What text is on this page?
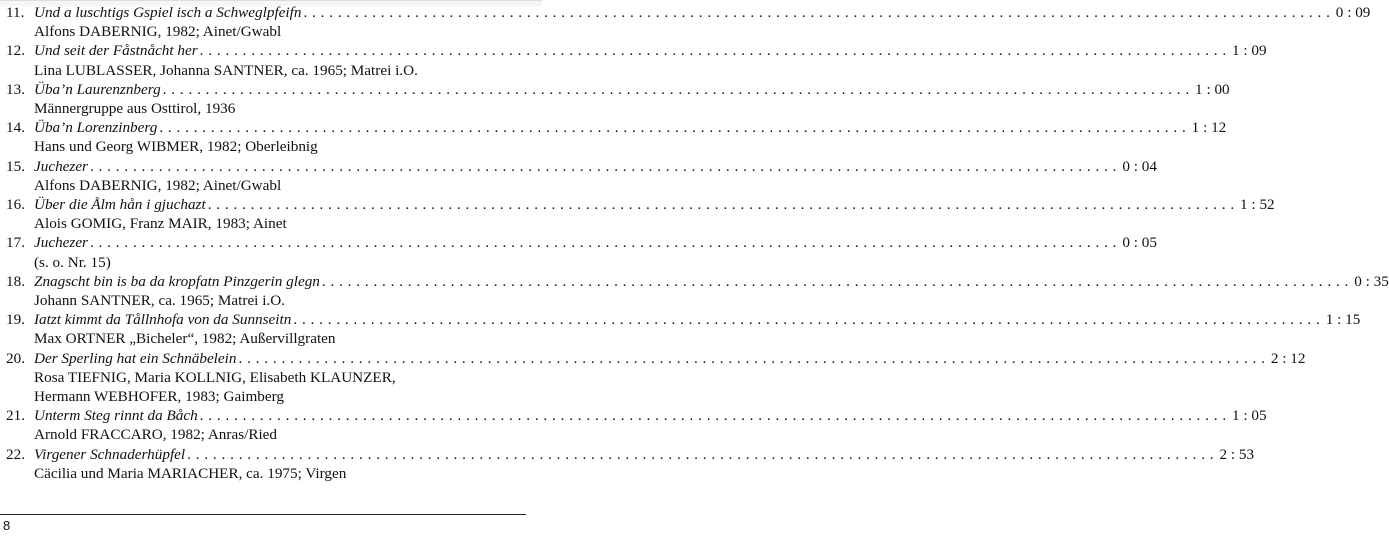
11. Und a luschtigs Gspiel isch a Schweglpfeifn . . . . . . . . . . . . . . . . . . . . . . . . . . . . . . . . . . . . . . . . . . . . . . . . . . . . . . . . . . . . . . . . . . . . . . . . . . . . . . . . . . . . . . . . . . . . . . . . . . . . . . . . . . . . . . . . . . . . . . . . 0 : 09
Alfons DABERNIG, 1982; Ainet/Gwabl
12. Und seit der Fåstnåcht her . . . . . . . . . . . . . . . . . . . . . . . . . . . . . . . . . . . . . . . . . . . . . . . . . . . . . . . . . . . . . . . . . . . . . . . . . . . . . . . . . . . . . . . . . . . . . . . . . . . . . . . . . . . . . . . . . . . . . . . . 1 : 09
Lina LUBLASSER, Johanna SANTNER, ca. 1965; Matrei i.O.
13. Üba’n Laurenznberg . . . . . . . . . . . . . . . . . . . . . . . . . . . . . . . . . . . . . . . . . . . . . . . . . . . . . . . . . . . . . . . . . . . . . . . . . . . . . . . . . . . . . . . . . . . . . . . . . . . . . . . . . . . . . . . . . . . . . . . . 1 : 00
Männergruppe aus Osttirol, 1936
14. Üba’n Lorenzinberg . . . . . . . . . . . . . . . . . . . . . . . . . . . . . . . . . . . . . . . . . . . . . . . . . . . . . . . . . . . . . . . . . . . . . . . . . . . . . . . . . . . . . . . . . . . . . . . . . . . . . . . . . . . . . . . . . . . . . . . . 1 : 12
Hans und Georg WIBMER, 1982; Oberleibnig
15. Juchezer . . . . . . . . . . . . . . . . . . . . . . . . . . . . . . . . . . . . . . . . . . . . . . . . . . . . . . . . . . . . . . . . . . . . . . . . . . . . . . . . . . . . . . . . . . . . . . . . . . . . . . . . . . . . . . . . . . . . . . . . 0 : 04
Alfons DABERNIG, 1982; Ainet/Gwabl
16. Über die Ålm hån i gjuchazt . . . . . . . . . . . . . . . . . . . . . . . . . . . . . . . . . . . . . . . . . . . . . . . . . . . . . . . . . . . . . . . . . . . . . . . . . . . . . . . . . . . . . . . . . . . . . . . . . . . . . . . . . . . . . . . . . . . . . . . . 1 : 52
Alois GOMIG, Franz MAIR, 1983; Ainet
17. Juchezer . . . . . . . . . . . . . . . . . . . . . . . . . . . . . . . . . . . . . . . . . . . . . . . . . . . . . . . . . . . . . . . . . . . . . . . . . . . . . . . . . . . . . . . . . . . . . . . . . . . . . . . . . . . . . . . . . . . . . . . . 0 : 05
(s. o. Nr. 15)
18. Znagscht bin is ba da kropfatn Pinzgerin glegn . . . . . . . . . . . . . . . . . . . . . . . . . . . . . . . . . . . . . . . . . . . . . . . . . . . . . . . . . . . . . . . . . . . . . . . . . . . . . . . . . . . . . . . . . . . . . . . . . . . . . . . . . . . . . . . . . . . . . . . . 0 : 35
Johann SANTNER, ca. 1965; Matrei i.O.
19. Iatzt kimmt da Tållnhofa von da Sunnseitn . . . . . . . . . . . . . . . . . . . . . . . . . . . . . . . . . . . . . . . . . . . . . . . . . . . . . . . . . . . . . . . . . . . . . . . . . . . . . . . . . . . . . . . . . . . . . . . . . . . . . . . . . . . . . . . . . . . . . . . . 1 : 15
Max ORTNER „Bicheler“, 1982; Außervillgraten
20. Der Sperling hat ein Schnäbelein . . . . . . . . . . . . . . . . . . . . . . . . . . . . . . . . . . . . . . . . . . . . . . . . . . . . . . . . . . . . . . . . . . . . . . . . . . . . . . . . . . . . . . . . . . . . . . . . . . . . . . . . . . . . . . . . . . . . . . . . 2 : 12
Rosa TIEFNIG, Maria KOLLNIG, Elisabeth KLAUNZER,
Hermann WEBHOFER, 1983; Gaimberg
21. Unterm Steg rinnt da Båch . . . . . . . . . . . . . . . . . . . . . . . . . . . . . . . . . . . . . . . . . . . . . . . . . . . . . . . . . . . . . . . . . . . . . . . . . . . . . . . . . . . . . . . . . . . . . . . . . . . . . . . . . . . . . . . . . . . . . . . . 1 : 05
Arnold FRACCARO, 1982; Anras/Ried
22. Virgener Schnaderhüpfel . . . . . . . . . . . . . . . . . . . . . . . . . . . . . . . . . . . . . . . . . . . . . . . . . . . . . . . . . . . . . . . . . . . . . . . . . . . . . . . . . . . . . . . . . . . . . . . . . . . . . . . . . . . . . . . . . . . . . . . . 2 : 53
Cäcilia und Maria MARIACHER, ca. 1975; Virgen
8
